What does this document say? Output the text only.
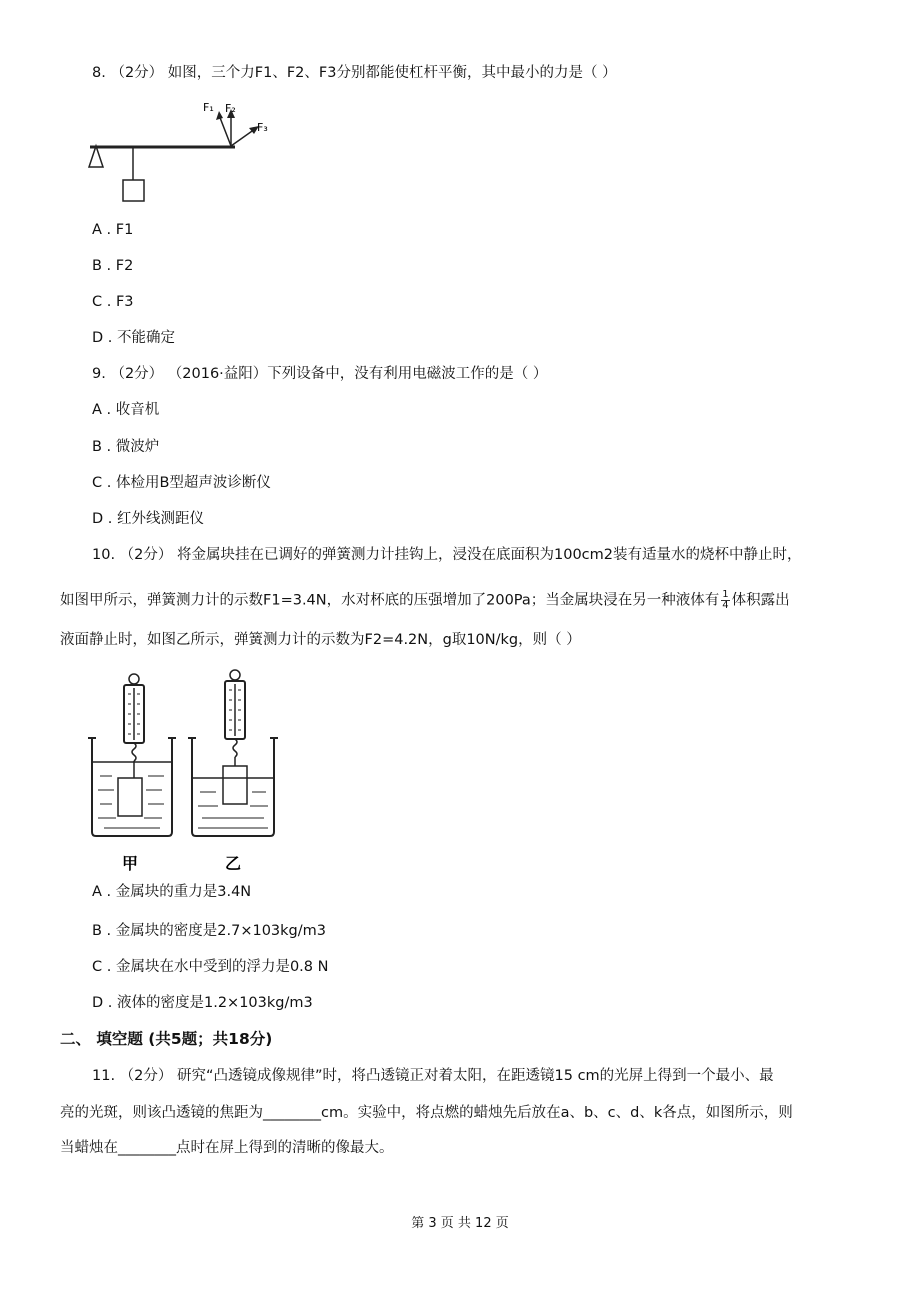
8. （2分） 如图，三个力F1、F2、F3分别都能使杠杆平衡，其中最小的力是（ ）
F₁ F₂
F₃
A . F1
B . F2
C . F3
D . 不能确定
9. （2分） （2016·益阳）下列设备中，没有利用电磁波工作的是（ ）
A . 收音机
B . 微波炉
C . 体检用B型超声波诊断仪
D . 红外线测距仪
10. （2分） 将金属块挂在已调好的弹簧测力计挂钩上，浸没在底面积为100cm2装有适量水的烧杯中静止时，
如图甲所示，弹簧测力计的示数F1=3.4N，水对杯底的压强增加了200Pa；当金属块浸在另一种液体有 $\frac{1}{4}$ 体积露出
液面静止时，如图乙所示，弹簧测力计的示数为F2=4.2N，g取10N/kg，则（ ）
甲	乙
A . 金属块的重力是3.4N
B . 金属块的密度是2.7×103kg/m3
C . 金属块在水中受到的浮力是0.8 N
D . 液体的密度是1.2×103kg/m3
二、 填空题 (共5题；共18分)
11. （2分） 研究“凸透镜成像规律”时，将凸透镜正对着太阳，在距透镜15 cm的光屏上得到一个最小、最
亮的光斑，则该凸透镜的焦距为________cm。实验中，将点燃的蜡烛先后放在a、b、c、d、k各点，如图所示，则
当蜡烛在________点时在屏上得到的清晰的像最大。
第 3 页 共 12 页
